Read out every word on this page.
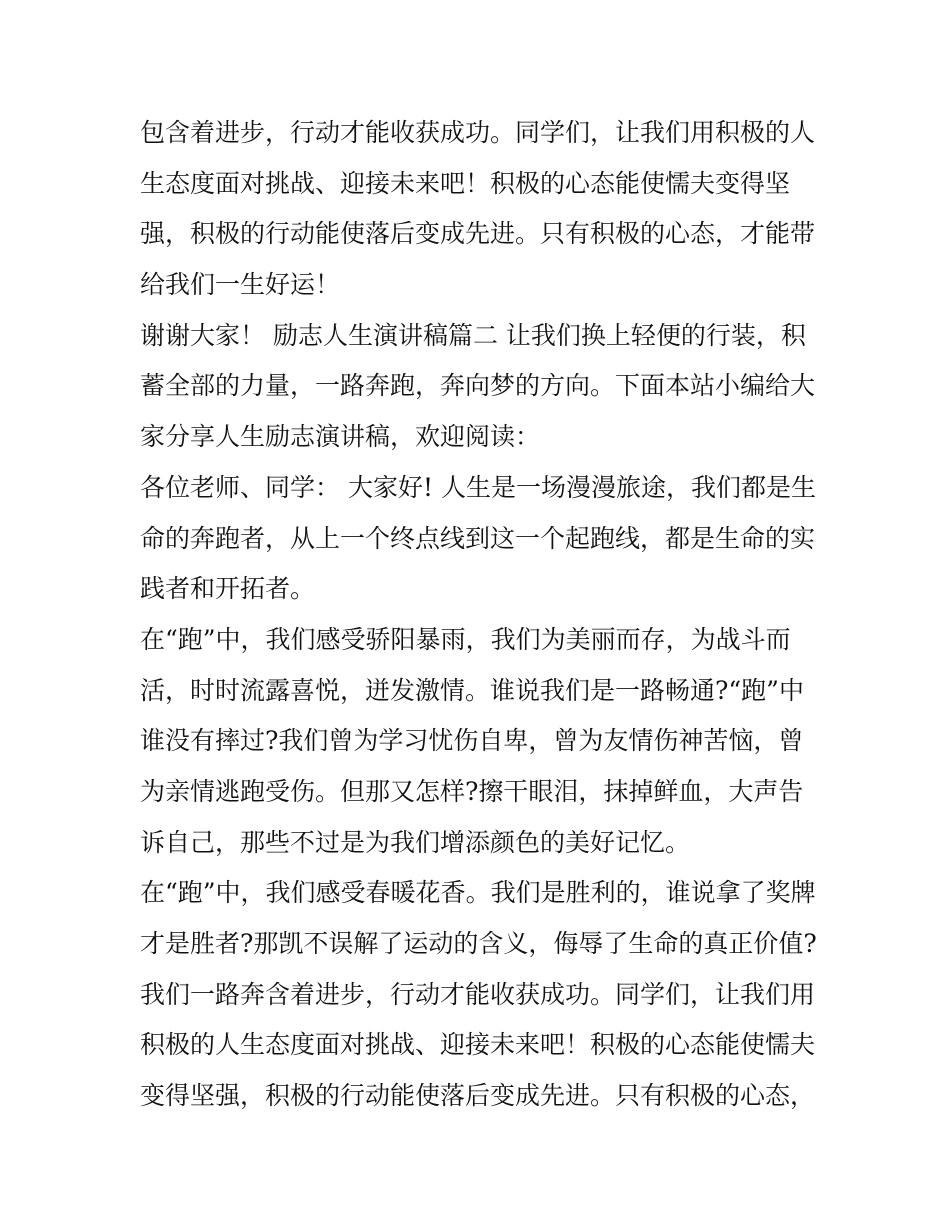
包含着进步，行动才能收获成功。同学们，让我们用积极的人
生态度面对挑战、迎接未来吧！积极的心态能使懦夫变得坚
强，积极的行动能使落后变成先进。只有积极的心态，才能带
给我们一生好运！
谢谢大家！ 励志人生演讲稿篇二 让我们换上轻便的行装，积
蓄全部的力量，一路奔跑，奔向梦的方向。下面本站小编给大
家分享人生励志演讲稿，欢迎阅读：
各位老师、同学： 大家好! 人生是一场漫漫旅途，我们都是生
命的奔跑者，从上一个终点线到这一个起跑线，都是生命的实
践者和开拓者。
在“跑”中，我们感受骄阳暴雨，我们为美丽而存，为战斗而
活，时时流露喜悦，迸发激情。谁说我们是一路畅通?“跑”中
谁没有摔过?我们曾为学习忧伤自卑，曾为友情伤神苦恼，曾
为亲情逃跑受伤。但那又怎样?擦干眼泪，抹掉鲜血，大声告
诉自己，那些不过是为我们增添颜色的美好记忆。
在“跑”中，我们感受春暖花香。我们是胜利的，谁说拿了奖牌
才是胜者?那凯不误解了运动的含义，侮辱了生命的真正价值?
我们一路奔含着进步，行动才能收获成功。同学们，让我们用
积极的人生态度面对挑战、迎接未来吧！积极的心态能使懦夫
变得坚强，积极的行动能使落后变成先进。只有积极的心态，
